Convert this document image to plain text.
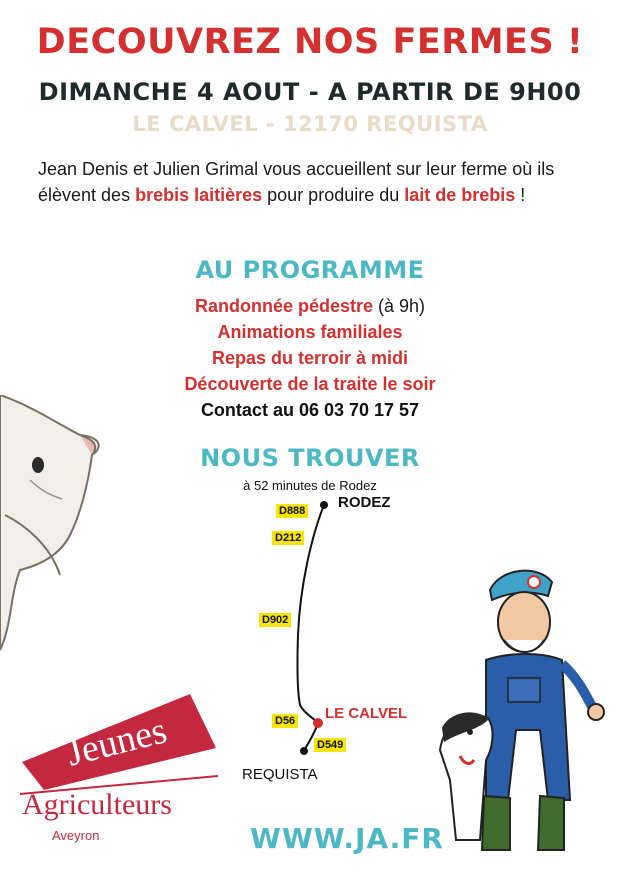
DECOUVREZ NOS FERMES !
DIMANCHE 4 AOUT - A PARTIR DE 9H00
LE CALVEL - 12170 REQUISTA
Jean Denis et Julien Grimal vous accueillent sur leur ferme où ils élèvent des brebis laitières pour produire du lait de brebis !
AU PROGRAMME
Randonnée pédestre (à 9h)
Animations familiales
Repas du terroir à midi
Découverte de la traite le soir
Contact au 06 03 70 17 57
NOUS TROUVER
à 52 minutes de Rodez
D888
D212
D902
D56
D549
RODEZ
LE CALVEL
REQUISTA
Jeunes
Agriculteurs
Aveyron	WWW.JA.FR
